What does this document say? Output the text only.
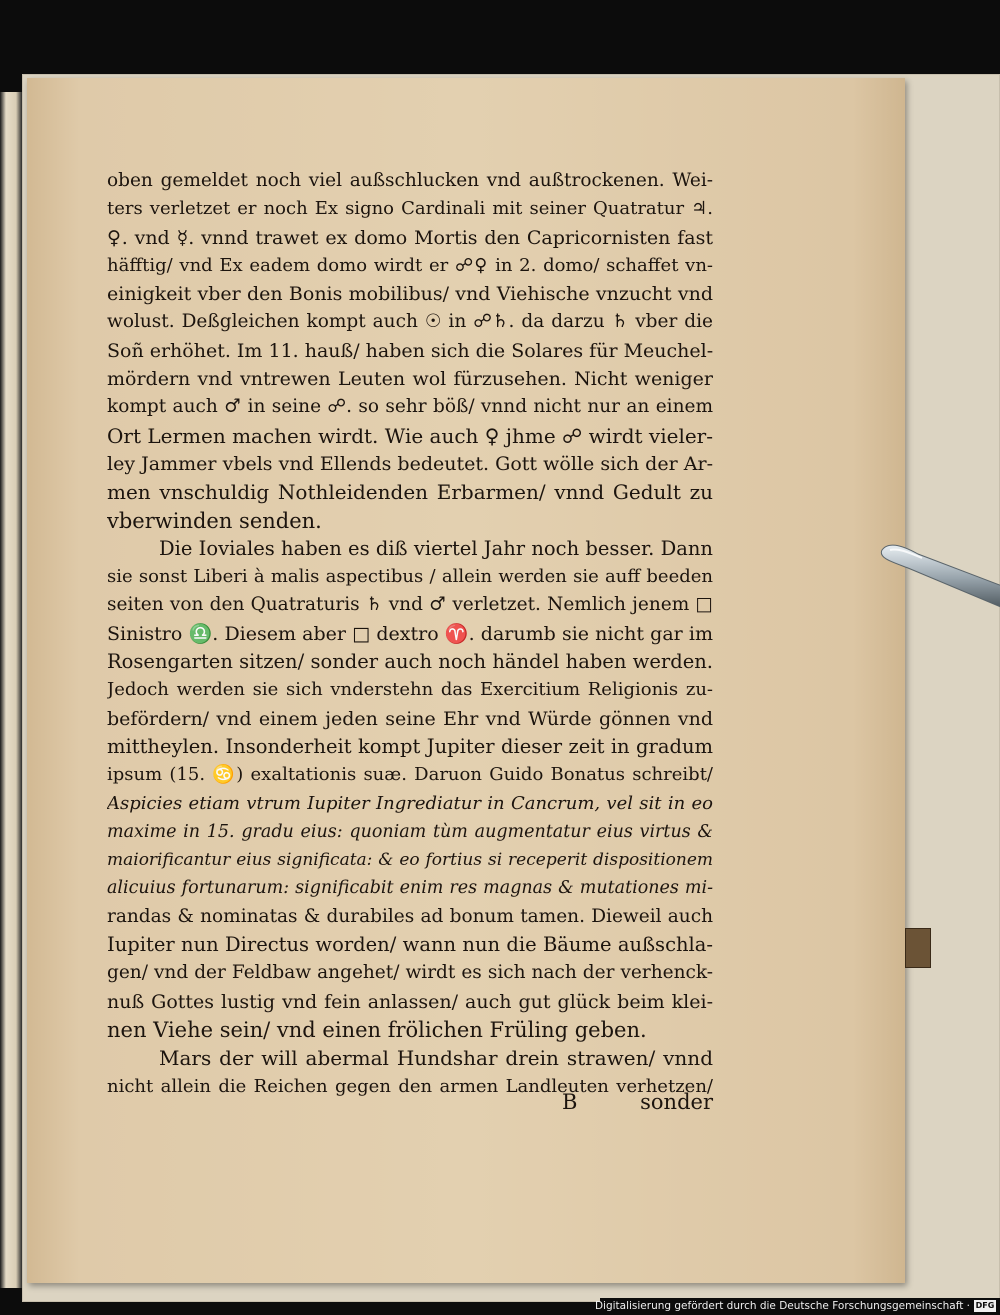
oben gemeldet noch viel außschlucken vnd außtrockenen. Wei-
ters verletzet er noch Ex signo Cardinali mit seiner Quatratur ♃.
♀. vnd ☿. vnnd trawet ex domo Mortis den Capricornisten fast
häfftig/ vnd Ex eadem domo wirdt er ☍♀ in 2. domo/ schaffet vn-
einigkeit vber den Bonis mobilibus/ vnd Viehische vnzucht vnd
wolust. Deßgleichen kompt auch ☉ in ☍♄. da darzu ♄ vber die
Soñ erhöhet. Im 11. hauß/ haben sich die Solares für Meuchel-
mördern vnd vntrewen Leuten wol fürzusehen. Nicht weniger
kompt auch ♂ in seine ☍. so sehr böß/ vnnd nicht nur an einem
Ort Lermen machen wirdt. Wie auch ♀ jhme ☍ wirdt vieler-
ley Jammer vbels vnd Ellends bedeutet. Gott wölle sich der Ar-
men vnschuldig Nothleidenden Erbarmen/ vnnd Gedult zu
vberwinden senden.
Die Ioviales haben es diß viertel Jahr noch besser. Dann
sie sonst Liberi à malis aspectibus / allein werden sie auff beeden
seiten von den Quatraturis ♄ vnd ♂ verletzet. Nemlich jenem □
Sinistro ♎. Diesem aber □ dextro ♈. darumb sie nicht gar im
Rosengarten sitzen/ sonder auch noch händel haben werden.
Jedoch werden sie sich vnderstehn das Exercitium Religionis zu-
befördern/ vnd einem jeden seine Ehr vnd Würde gönnen vnd
mittheylen. Insonderheit kompt Jupiter dieser zeit in gradum
ipsum (15. ♋) exaltationis suæ. Daruon Guido Bonatus schreibt/
Aspicies etiam vtrum Iupiter Ingrediatur in Cancrum, vel sit in eo
maxime in 15. gradu eius: quoniam tùm augmentatur eius virtus &
maiorificantur eius significata: & eo fortius si receperit dispositionem
alicuius fortunarum: significabit enim res magnas & mutationes mi-
randas & nominatas & durabiles ad bonum tamen. Dieweil auch
Iupiter nun Directus worden/ wann nun die Bäume außschla-
gen/ vnd der Feldbaw angehet/ wirdt es sich nach der verhenck-
nuß Gottes lustig vnd fein anlassen/ auch gut glück beim klei-
nen Viehe sein/ vnd einen frölichen Früling geben.
Mars der will abermal Hundshar drein strawen/ vnnd
nicht allein die Reichen gegen den armen Landleuten verhetzen/
B	sonder
Digitalisierung gefördert durch die Deutsche Forschungsgemeinschaft · DFG
